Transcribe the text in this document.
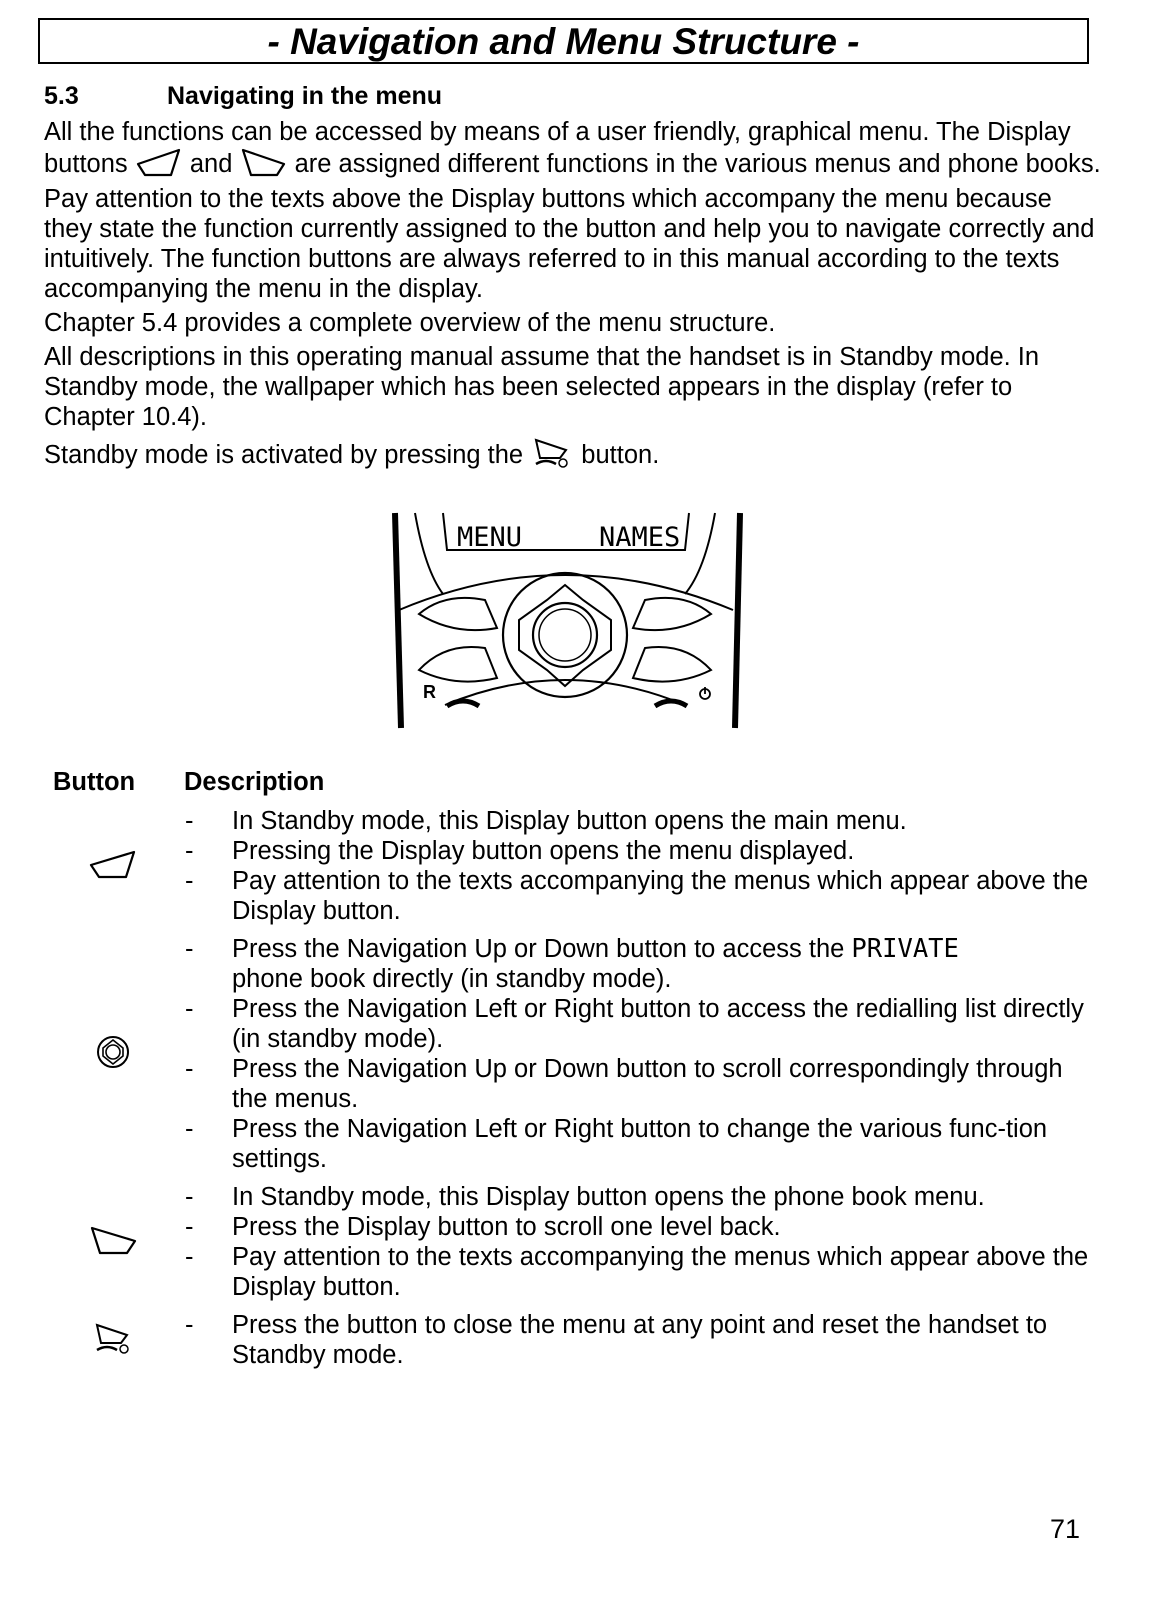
- Navigation and Menu Structure -
5.3	Navigating in the menu

All the functions can be accessed by means of a user friendly, graphical menu. The Display buttons and are assigned different functions in the various menus and phone books. Pay attention to the texts above the Display buttons which accompany the menu because they state the function currently assigned to the button and help you to navigate correctly and intuitively. The function buttons are always referred to in this manual according to the texts accompanying the menu in the display.

Chapter 5.4 provides a complete overview of the menu structure.

All descriptions in this operating manual assume that the handset is in Standby mode. In Standby mode, the wallpaper which has been selected appears in the display (refer to Chapter 10.4).

Standby mode is activated by pressing the button.

MENU	NAMES
R
Button Description
- In Standby mode, this Display button opens the main menu.
- Pressing the Display button opens the menu displayed.
- Pay attention to the texts accompanying the menus which appear above the Display button.
- Press the Navigation Up or Down button to access the PRIVATE
phone book directly (in standby mode).
- Press the Navigation Left or Right button to access the redialling list directly (in standby mode).
- Press the Navigation Up or Down button to scroll correspondingly through the menus.
- Press the Navigation Left or Right button to change the various func-tion settings.
- In Standby mode, this Display button opens the phone book menu.
- Press the Display button to scroll one level back.
- Pay attention to the texts accompanying the menus which appear above the Display button.
- Press the button to close the menu at any point and reset the handset to Standby mode.
71
